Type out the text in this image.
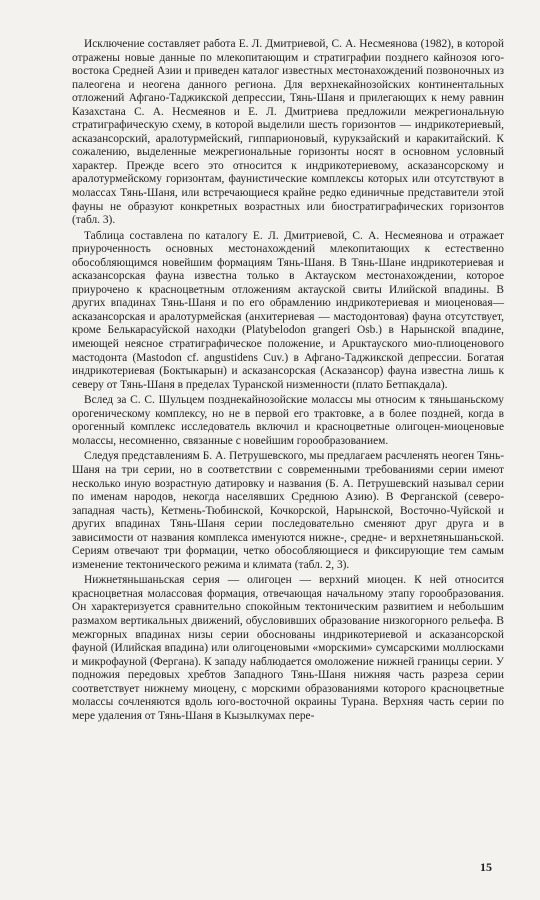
Исключение составляет работа Е. Л. Дмитриевой, С. А. Несмеянова (1982), в которой отражены новые данные по млекопитающим и стратиграфии позднего кайнозоя юго-востока Средней Азии и приведен каталог известных местонахождений позвоночных из палеогена и неогена данного региона. Для верхнекайнозойских континентальных отложений Афгано-Таджикской депрессии, Тянь-Шаня и прилегающих к нему равнин Казахстана С. А. Несмеянов и Е. Л. Дмитриева предложили межрегиональную стратиграфическую схему, в которой выделили шесть горизонтов — индрикотериевый, асказансорский, аралотурмейский, гиппарионовый, курукзайский и каракитайский. К сожалению, выделенные межрегиональные горизонты носят в основном условный характер. Прежде всего это относится к индрикотериевому, асказансорскому и аралотурмейскому горизонтам, фаунистические комплексы которых или отсутствуют в молассах Тянь-Шаня, или встречающиеся крайне редко единичные представители этой фауны не образуют конкретных возрастных или биостратиграфических горизонтов (табл. 3).

Таблица составлена по каталогу Е. Л. Дмитриевой, С. А. Несмеянова и отражает приуроченность основных местонахождений млекопитающих к естественно обособляющимся новейшим формациям Тянь-Шаня. В Тянь-Шане индрикотериевая и асказансорская фауна известна только в Актауском местонахождении, которое приурочено к красноцветным отложениям актауской свиты Илийской впадины. В других впадинах Тянь-Шаня и по его обрамлению индрикотериевая и миоценовая—асказансорская и аралотурмейская (анхитериевая — мастодонтовая) фауна отсутствует, кроме Белькарасуйской находки (Platybelodon grangeri Osb.) в Нарынской впадине, имеющей неясное стратиграфическое положение, и Арuктауского мио-плиоценового мастодонта (Mastodon cf. angustidens Cuv.) в Афгано-Таджикской депрессии. Богатая индрикотериевая (Боктыкарын) и асказансорская (Асказансор) фауна известна лишь к северу от Тянь-Шаня в пределах Туранской низменности (плато Бетпакдала).

Вслед за С. С. Шульцем позднекайнозойские молассы мы относим к тяньшаньскому орогеническому комплексу, но не в первой его трактовке, а в более поздней, когда в орогенный комплекс исследователь включил и красноцветные олигоцен-миоценовые молассы, несомненно, связанные с новейшим горообразованием.

Следуя представлениям Б. А. Петрушевского, мы предлагаем расчленять неоген Тянь-Шаня на три серии, но в соответствии с современными требованиями серии имеют несколько иную возрастную датировку и названия (Б. А. Петрушевский называл серии по именам народов, некогда населявших Среднюю Азию). В Ферганской (северо-западная часть), Кетмень-Тюбинской, Кочкорской, Нарынской, Восточно-Чуйской и других впадинах Тянь-Шаня серии последовательно сменяют друг друга и в зависимости от названия комплекса именуются нижне-, средне- и верхнетяньшаньской. Сериям отвечают три формации, четко обособляющиеся и фиксирующие тем самым изменение тектонического режима и климата (табл. 2, 3).

Нижнетяньшаньская серия — олигоцен — верхний миоцен. К ней относится красноцветная молассовая формация, отвечающая начальному этапу горообразования. Он характеризуется сравнительно спокойным тектоническим развитием и небольшим размахом вертикальных движений, обусловивших образование низкогорного рельефа. В межгорных впадинах низы серии обоснованы индрикотериевой и асказансорской фауной (Илийская впадина) или олигоценовыми «морскими» сумсарскими моллюсками и микрофауной (Фергана). К западу наблюдается омоложение нижней границы серии. У подножия передовых хребтов Западного Тянь-Шаня нижняя часть разреза серии соответствует нижнему миоцену, с морскими образованиями которого красноцветные молассы сочленяются вдоль юго-восточной окраины Турана. Верхняя часть серии по мере удаления от Тянь-Шаня в Кызылкумах пере-

15
